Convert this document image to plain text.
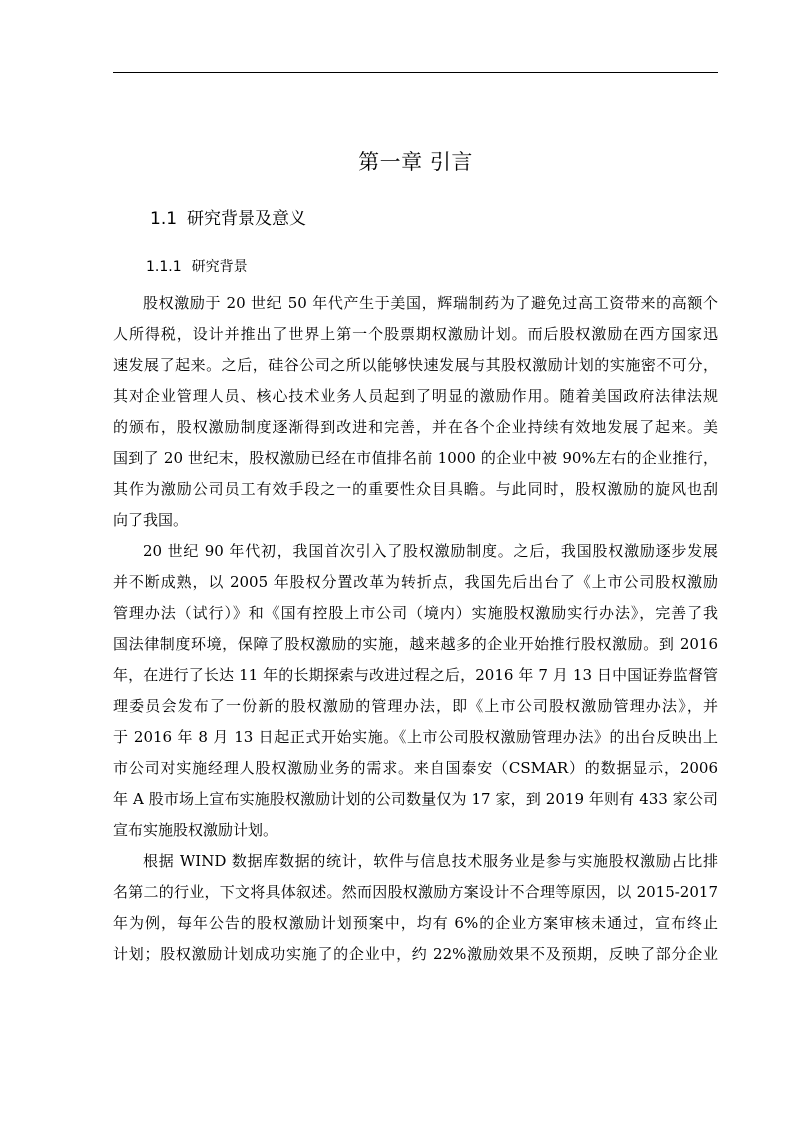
第一章 引言
1.1 研究背景及意义
1.1.1 研究背景
股权激励于 20 世纪 50 年代产生于美国，辉瑞制药为了避免过高工资带来的高额个
人所得税，设计并推出了世界上第一个股票期权激励计划。而后股权激励在西方国家迅
速发展了起来。之后，硅谷公司之所以能够快速发展与其股权激励计划的实施密不可分，
其对企业管理人员、核心技术业务人员起到了明显的激励作用。随着美国政府法律法规
的颁布，股权激励制度逐渐得到改进和完善，并在各个企业持续有效地发展了起来。美
国到了 20 世纪末，股权激励已经在市值排名前 1000 的企业中被 90%左右的企业推行，
其作为激励公司员工有效手段之一的重要性众目具瞻。与此同时，股权激励的旋风也刮
向了我国。
20 世纪 90 年代初，我国首次引入了股权激励制度。之后，我国股权激励逐步发展
并不断成熟，以 2005 年股权分置改革为转折点，我国先后出台了《上市公司股权激励
管理办法（试行）》和《国有控股上市公司（境内）实施股权激励实行办法》，完善了我
国法律制度环境，保障了股权激励的实施，越来越多的企业开始推行股权激励。到 2016
年，在进行了长达 11 年的长期探索与改进过程之后，2016 年 7 月 13 日中国证券监督管
理委员会发布了一份新的股权激励的管理办法，即《上市公司股权激励管理办法》，并
于 2016 年 8 月 13 日起正式开始实施。《上市公司股权激励管理办法》的出台反映出上
市公司对实施经理人股权激励业务的需求。来自国泰安（CSMAR）的数据显示，2006
年 A 股市场上宣布实施股权激励计划的公司数量仅为 17 家，到 2019 年则有 433 家公司
宣布实施股权激励计划。
根据 WIND 数据库数据的统计，软件与信息技术服务业是参与实施股权激励占比排
名第二的行业，下文将具体叙述。然而因股权激励方案设计不合理等原因，以 2015-2017
年为例，每年公告的股权激励计划预案中，均有 6%的企业方案审核未通过，宣布终止
计划；股权激励计划成功实施了的企业中，约 22%激励效果不及预期，反映了部分企业
